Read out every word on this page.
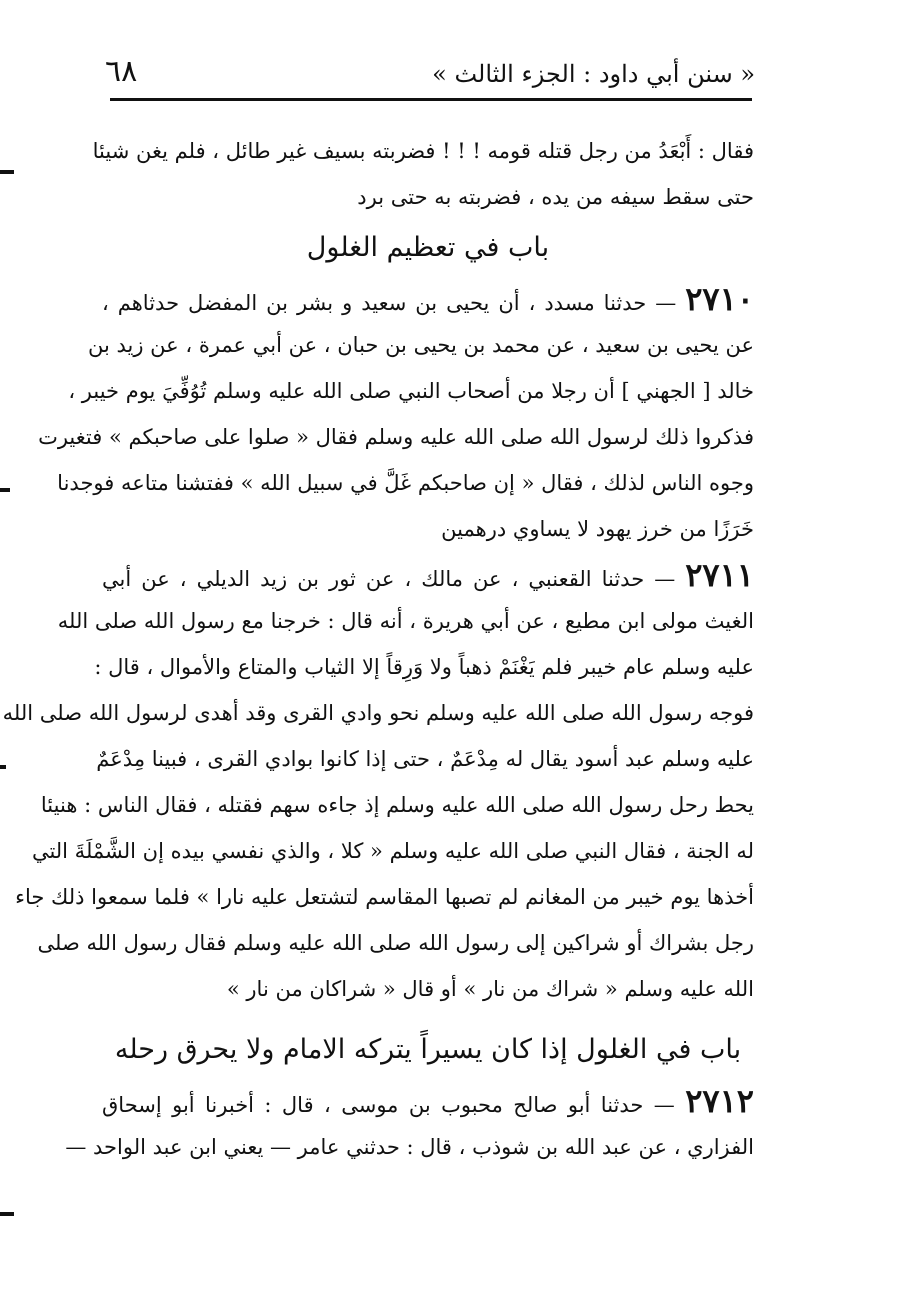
٦٨	« سنن أبي داود : الجزء الثالث »
فقال : أَبْعَدُ من رجل قتله قومه ! ! ! فضربته بسيف غير طائل ، فلم يغن شيئا
حتى سقط سيفه من يده ، فضربته به حتى برد
باب في تعظيم الغلول
٢٧١٠ — حدثنا مسدد ، أن يحيى بن سعيد و بشر بن المفضل حدثاهم ،
عن يحيى بن سعيد ، عن محمد بن يحيى بن حبان ، عن أبي عمرة ، عن زيد بن
خالد [ الجهني ] أن رجلا من أصحاب النبي صلى الله عليه وسلم تُوُفِّيَ يوم خيبر ،
فذكروا ذلك لرسول الله صلى الله عليه وسلم فقال « صلوا على صاحبكم » فتغيرت
وجوه الناس لذلك ، فقال « إن صاحبكم غَلَّ في سبيل الله » ففتشنا متاعه فوجدنا
خَرَزًا من خرز يهود لا يساوي درهمين
٢٧١١ — حدثنا القعنبي ، عن مالك ، عن ثور بن زيد الديلي ، عن أبي
الغيث مولى ابن مطيع ، عن أبي هريرة ، أنه قال : خرجنا مع رسول الله صلى الله
عليه وسلم عام خيبر فلم يَغْنَمْ ذهباً ولا وَرِقاً إلا الثياب والمتاع والأموال ، قال :
فوجه رسول الله صلى الله عليه وسلم نحو وادي القرى وقد أهدى لرسول الله صلى الله
عليه وسلم عبد أسود يقال له مِدْعَمٌ ، حتى إذا كانوا بوادي القرى ، فبينا مِدْعَمٌ
يحط رحل رسول الله صلى الله عليه وسلم إذ جاءه سهم فقتله ، فقال الناس : هنيئا
له الجنة ، فقال النبي صلى الله عليه وسلم « كلا ، والذي نفسي بيده إن الشَّمْلَةَ التي
أخذها يوم خيبر من المغانم لم تصبها المقاسم لتشتعل عليه نارا » فلما سمعوا ذلك جاء
رجل بشراك أو شراكين إلى رسول الله صلى الله عليه وسلم فقال رسول الله صلى
الله عليه وسلم « شراك من نار » أو قال « شراكان من نار »
باب في الغلول إذا كان يسيراً يتركه الامام ولا يحرق رحله
٢٧١٢ — حدثنا أبو صالح محبوب بن موسى ، قال : أخبرنا أبو إسحاق
الفزاري ، عن عبد الله بن شوذب ، قال : حدثني عامر — يعني ابن عبد الواحد —
